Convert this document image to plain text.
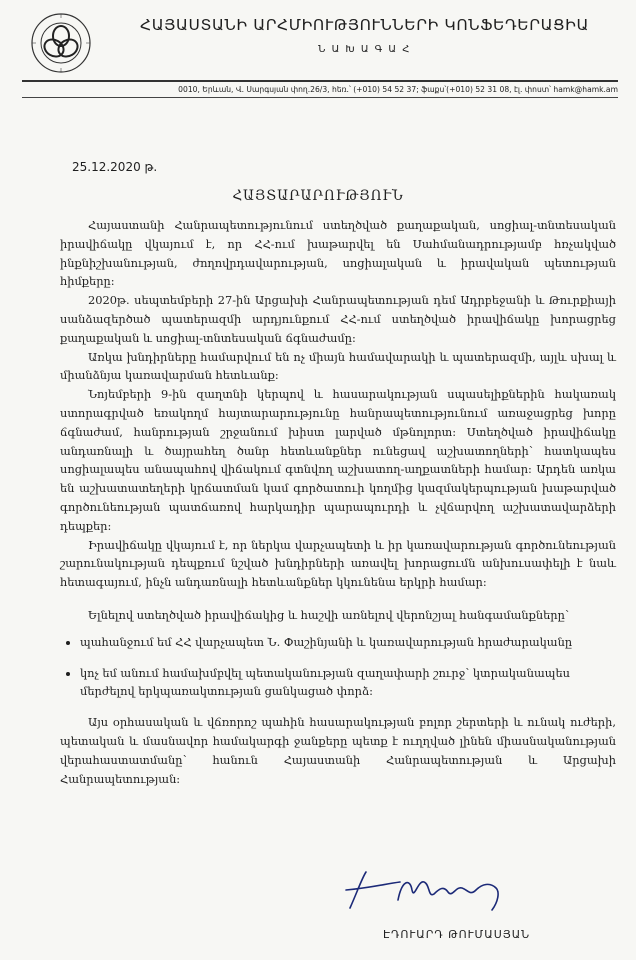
ՀԱՅԱՍՏԱՆԻ ԱՐՀՄԻՈՒԹՅՈՒՆՆԵՐԻ ԿՈՆՖԵԴԵՐԱՑԻԱ
Ն Ա Խ Ա Գ Ա Հ
0010, Երևան, Վ. Սարգսյան փող.26/3, հեռ.՝ (+010) 54 52 37; ֆաքս՝(+010) 52 31 08, էլ. փոստ՝ hamk@hamk.am
25.12.2020 թ.
ՀԱՅՏԱՐԱՐՈՒԹՅՈՒՆ

Հայաստանի Հանրապետությունում ստեղծված քաղաքական, սոցիալ-տնտեսական իրավիճակը վկայում է, որ ՀՀ-ում խաթարվել են Սահմանադրությամբ հռչակված ինքնիշխանության, ժողովրդավարության, սոցիալական և իրավական պետության հիմքերը:

2020թ. սեպտեմբերի 27-ին Արցախի Հանրապետության դեմ Ադրբեջանի և Թուրքիայի սանձազերծած պատերազմի արդյունքում ՀՀ-ում ստեղծված իրավիճակը խորացրեց քաղաքական և սոցիալ-տնտեսական ճգնաժամը:

Առկա խնդիրները համարվում են ոչ միայն համավարակի և պատերազմի, այլև սխալ և միանձնյա կառավարման հետևանք:

Նոյեմբերի 9-ին զաղտնի կերպով և հասարակության սպասելիքներին հակառակ ստորագրված եռակողմ հայտարարությունը հանրապետությունում առաջացրեց խորը ճգնաժամ, հանրության շրջանում խիստ լարված մթնոլորտ: Ստեղծված իրավիճակը անդառնալի և ծայրահեղ ծանր հետևանքներ ունեցավ աշխատողների՝ հատկապես սոցիալապես անապահով վիճակում գտնվող աշխատող-աղքատների համար: Արդեն առկա են աշխատատեղերի կրճատման կամ գործատուի կողմից կազմակերպության խաթարված գործունեության պատճառով հարկադիր պարապուրդի և չվճարվող աշխատավարձերի դեպքեր:

Իրավիճակը վկայում է, որ ներկա վարչապետի և իր կառավարության գործունեության շարունակության դեպքում նշված խնդիրների առավել խորացումն անխուսափելի է նաև հետագայում, ինչն անդառնալի հետևանքներ կկունենա երկրի համար:

Ելնելով ստեղծված իրավիճակից և հաշվի առնելով վերոնշյալ հանգամանքները՝

• պահանջում եմ ՀՀ վարչապետ Ն. Փաշինյանի և կառավարության հրաժարականը
• կոչ եմ անում համախմբվել պետականության զաղափարի շուրջ՝ կտրականապես մերժելով երկպառակտության ցանկացած փորձ:

Այս օրհասական և վճռորոշ պահին հասարակության բոլոր շերտերի և ունակ ուժերի, պետական և մասնավոր համակարգի ջանքերը պետք է ուղղված լինեն միասնականության վերահաստատմանը՝ հանուն Հայաստանի Հանրապետության և Արցախի Հանրապետության:

ԷԴՈՒԱՐԴ ԹՈՒՄԱՍՅԱՆ
